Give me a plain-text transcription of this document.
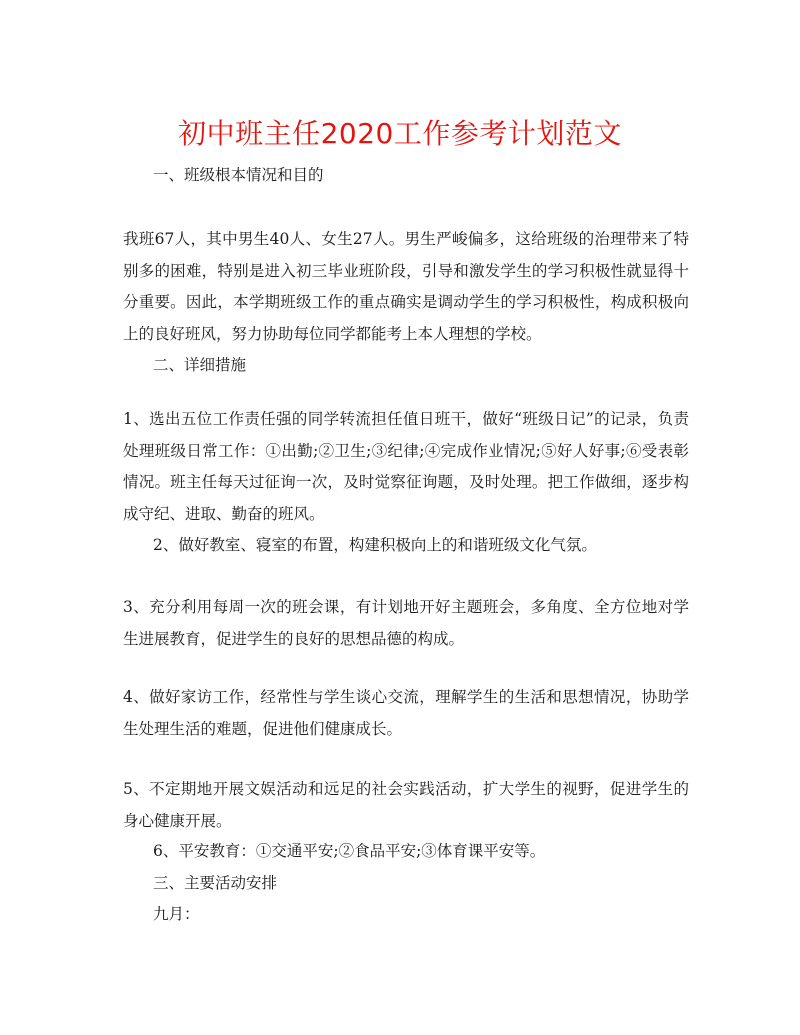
初中班主任2020工作参考计划范文
一、班级根本情况和目的
我班67人，其中男生40人、女生27人。男生严峻偏多，这给班级的治理带来了特别多的困难，特别是进入初三毕业班阶段，引导和激发学生的学习积极性就显得十分重要。因此，本学期班级工作的重点确实是调动学生的学习积极性，构成积极向上的良好班风，努力协助每位同学都能考上本人理想的学校。
二、详细措施
1、选出五位工作责任强的同学转流担任值日班干，做好“班级日记”的记录，负责处理班级日常工作：①出勤;②卫生;③纪律;④完成作业情况;⑤好人好事;⑥受表彰情况。班主任每天过征询一次，及时觉察征询题，及时处理。把工作做细，逐步构成守纪、进取、勤奋的班风。
2、做好教室、寝室的布置，构建积极向上的和谐班级文化气氛。
3、充分利用每周一次的班会课，有计划地开好主题班会，多角度、全方位地对学生进展教育，促进学生的良好的思想品德的构成。
4、做好家访工作，经常性与学生谈心交流，理解学生的生活和思想情况，协助学生处理生活的难题，促进他们健康成长。
5、不定期地开展文娱活动和远足的社会实践活动，扩大学生的视野，促进学生的身心健康开展。
6、平安教育：①交通平安;②食品平安;③体育课平安等。
三、主要活动安排
九月：
